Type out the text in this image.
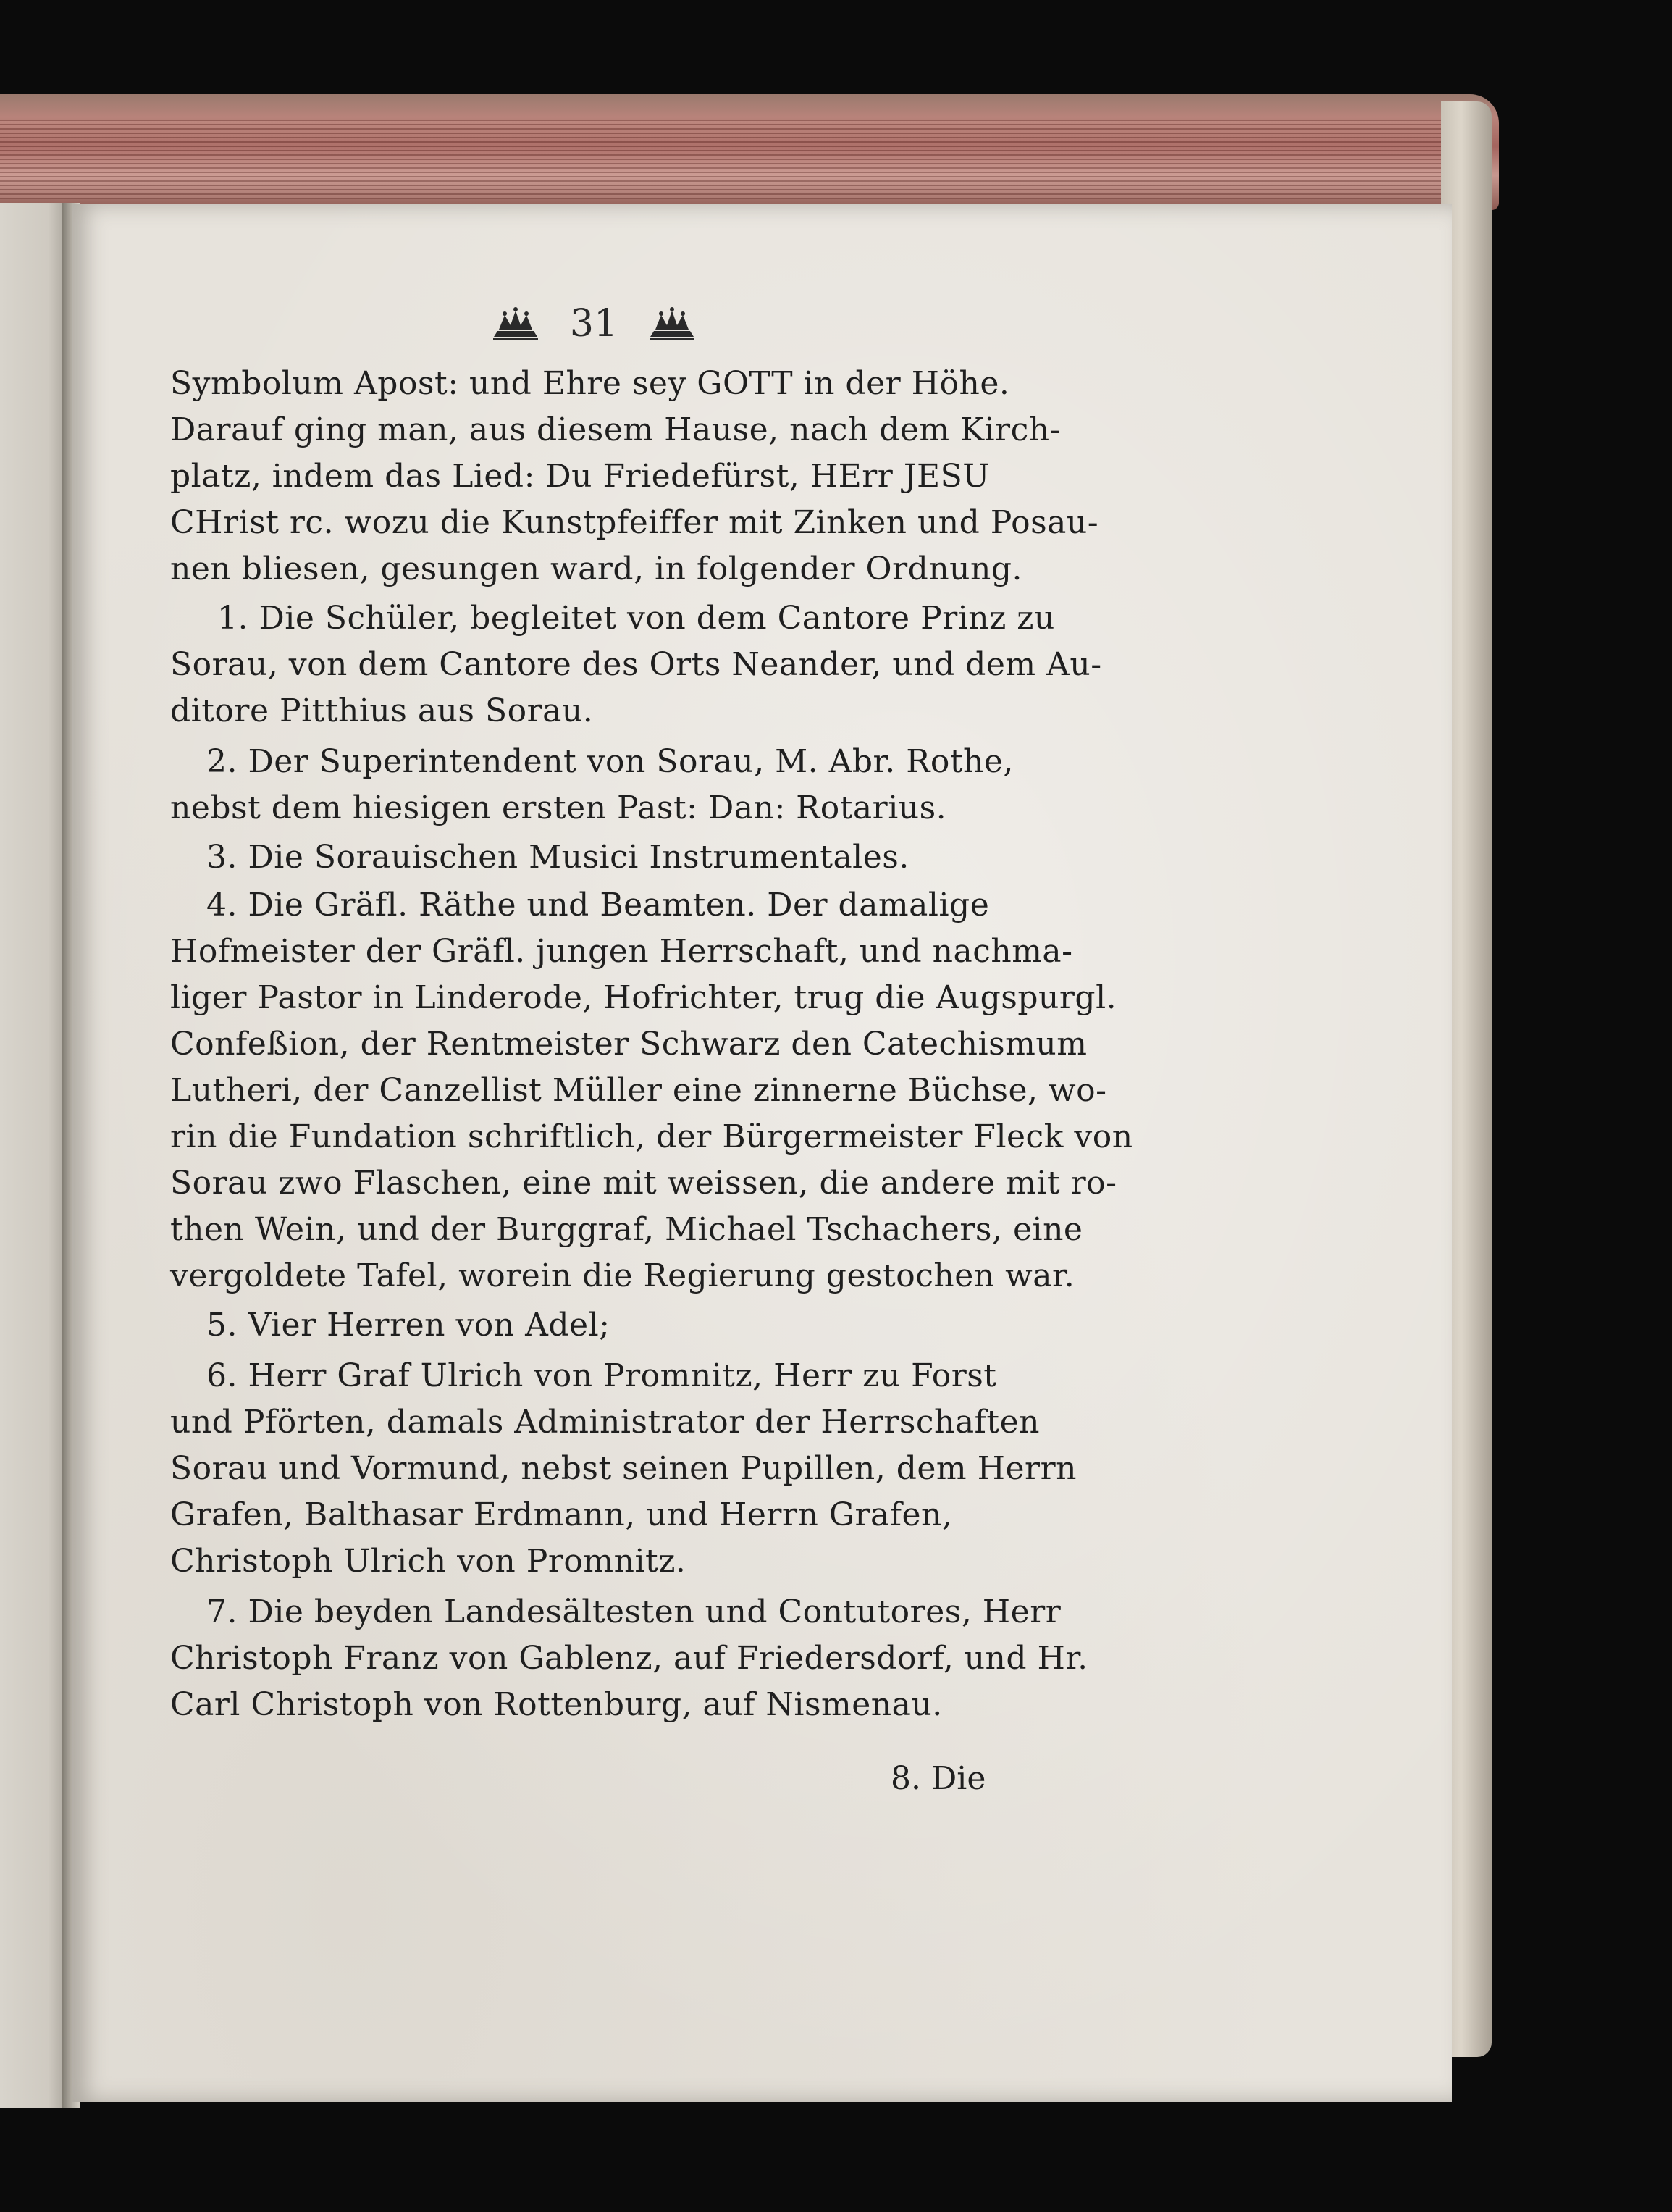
31
Symbolum Apost: und Ehre sey GOTT in der Höhe.
Darauf ging man, aus diesem Hause, nach dem Kirch-
platz, indem das Lied: Du Friedefürst, HErr JESU
CHrist rc. wozu die Kunstpfeiffer mit Zinken und Posau-
nen bliesen, gesungen ward, in folgender Ordnung.
1. Die Schüler, begleitet von dem Cantore Prinz zu
Sorau, von dem Cantore des Orts Neander, und dem Au-
ditore Pitthius aus Sorau.
2. Der Superintendent von Sorau, M. Abr. Rothe,
nebst dem hiesigen ersten Past: Dan: Rotarius.
3. Die Sorauischen Musici Instrumentales.
4. Die Gräfl. Räthe und Beamten. Der damalige
Hofmeister der Gräfl. jungen Herrschaft, und nachma-
liger Pastor in Linderode, Hofrichter, trug die Augspurgl.
Confeßion, der Rentmeister Schwarz den Catechismum
Lutheri, der Canzellist Müller eine zinnerne Büchse, wo-
rin die Fundation schriftlich, der Bürgermeister Fleck von
Sorau zwo Flaschen, eine mit weissen, die andere mit ro-
then Wein, und der Burggraf, Michael Tschachers, eine
vergoldete Tafel, worein die Regierung gestochen war.
5. Vier Herren von Adel;
6. Herr Graf Ulrich von Promnitz, Herr zu Forst
und Pförten, damals Administrator der Herrschaften
Sorau und Vormund, nebst seinen Pupillen, dem Herrn
Grafen, Balthasar Erdmann, und Herrn Grafen,
Christoph Ulrich von Promnitz.
7. Die beyden Landesältesten und Contutores, Herr
Christoph Franz von Gablenz, auf Friedersdorf, und Hr.
Carl Christoph von Rottenburg, auf Nismenau.
8. Die
